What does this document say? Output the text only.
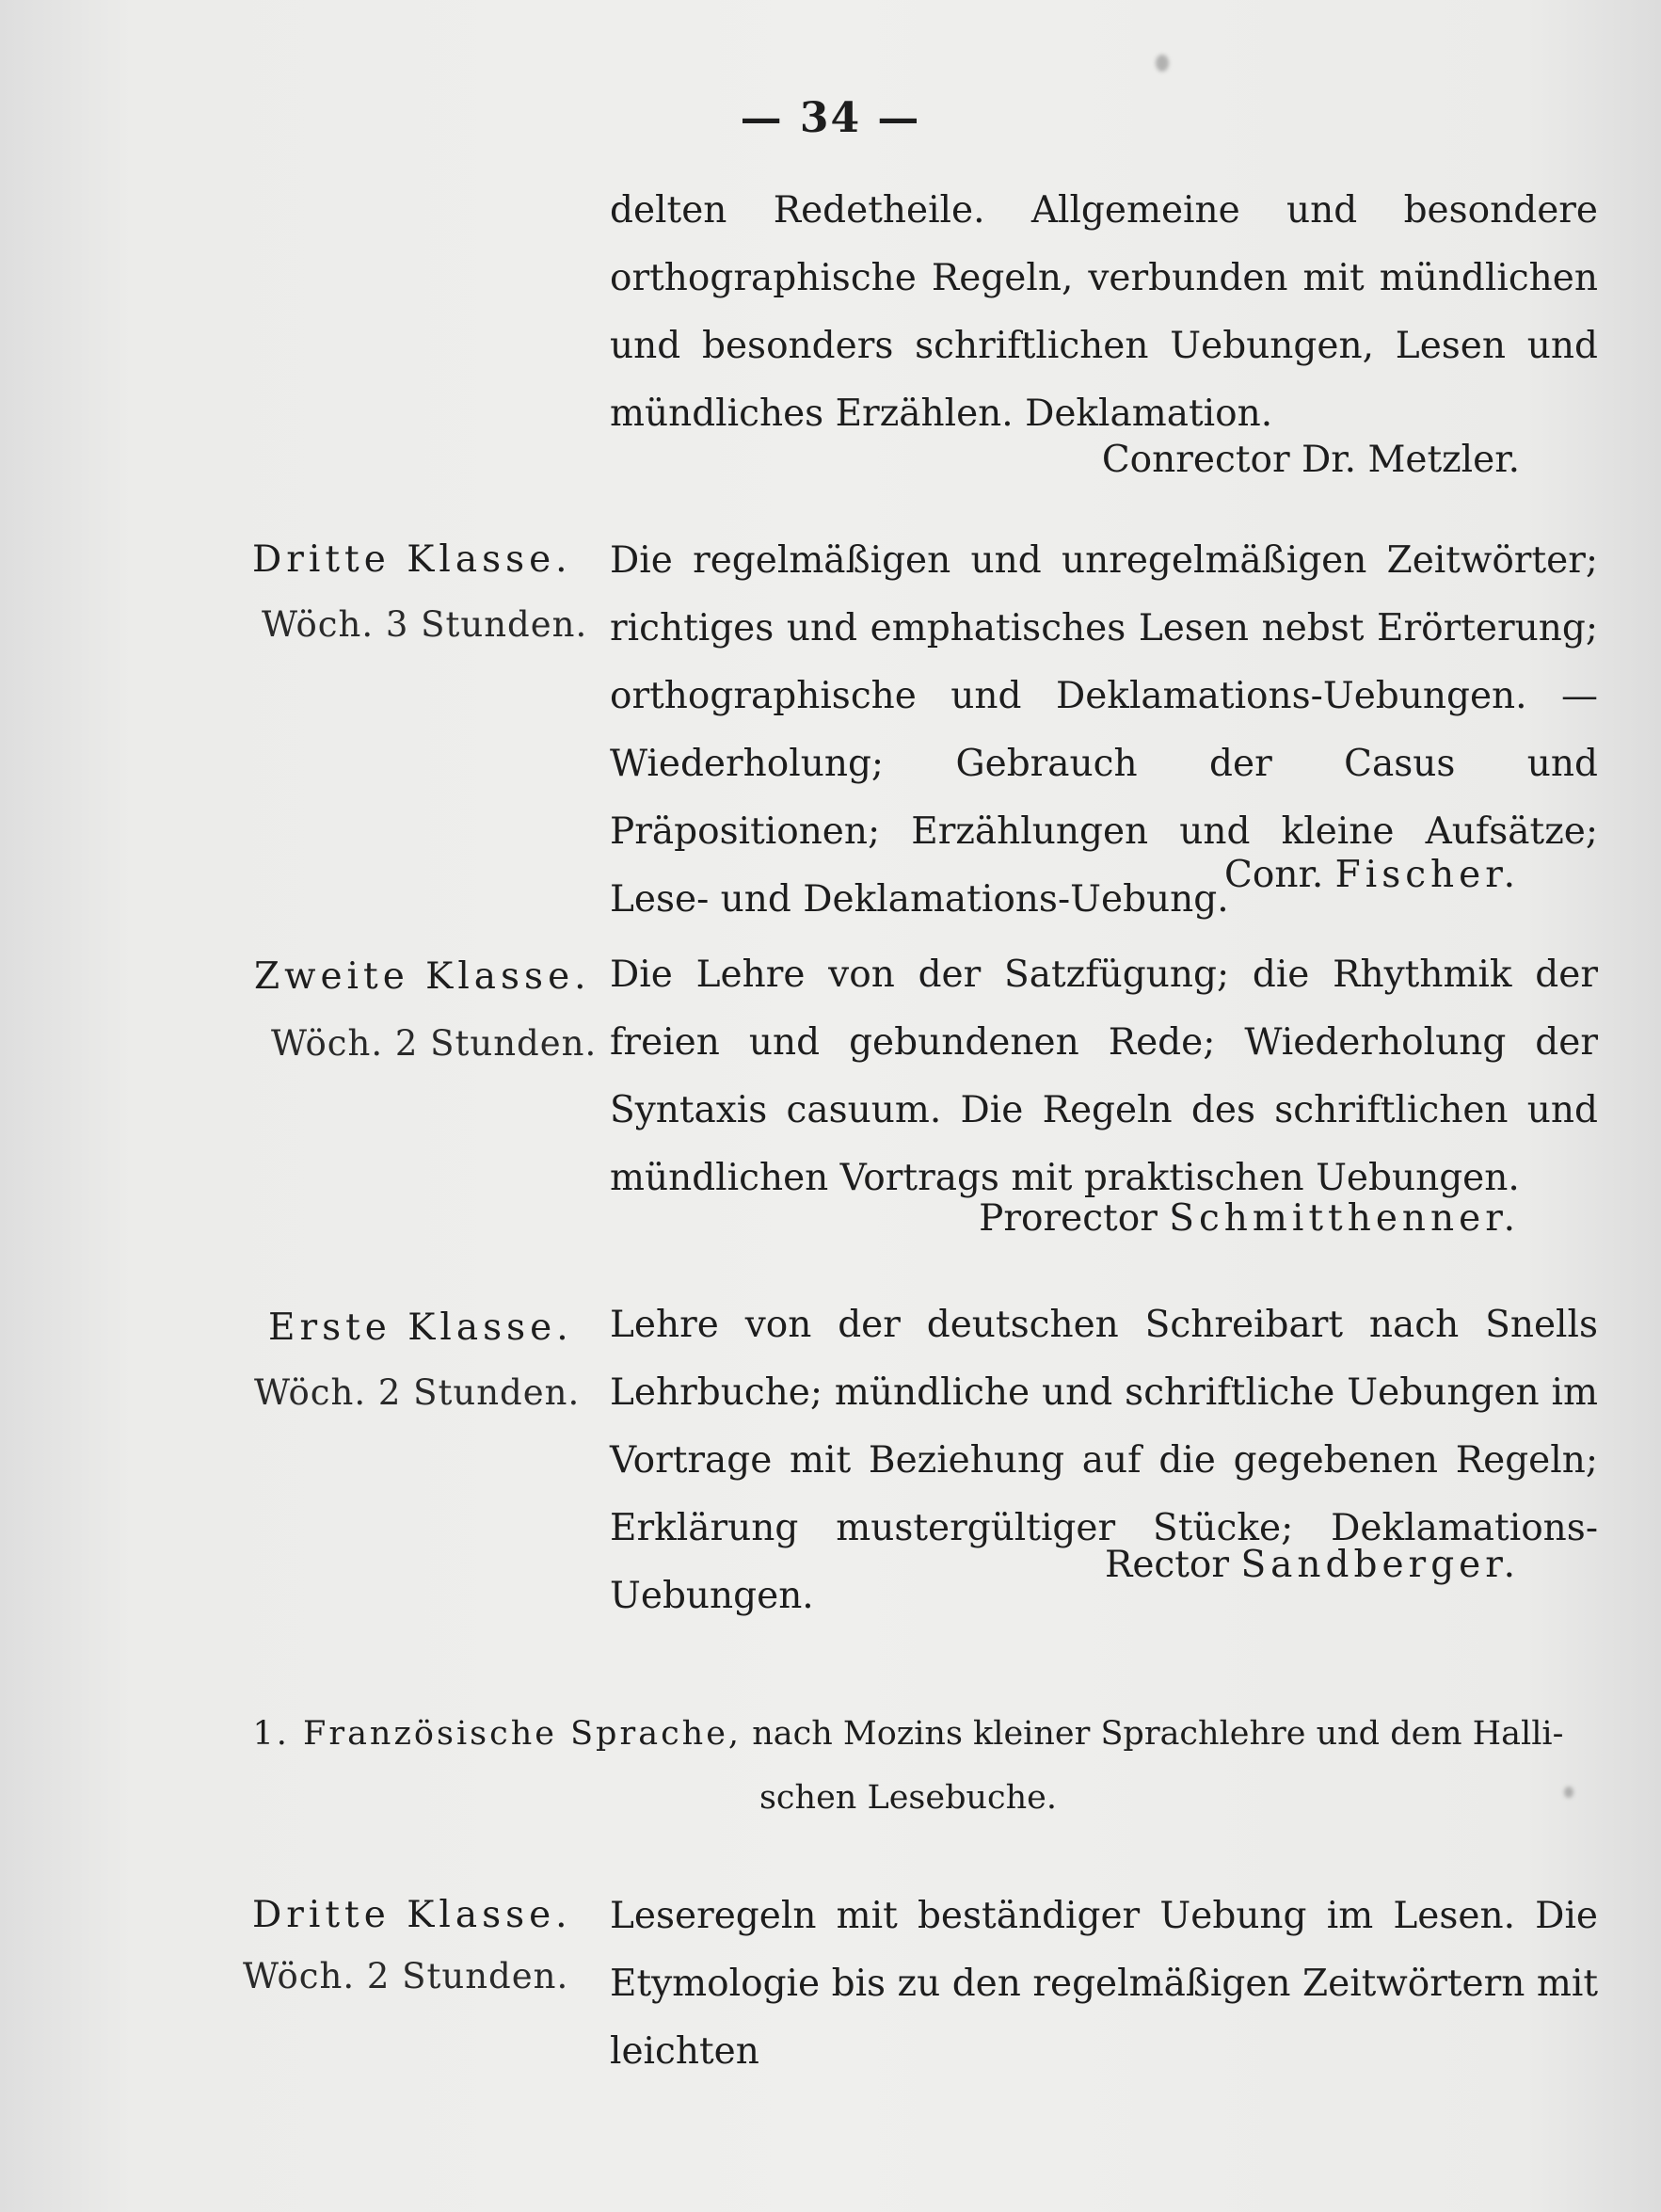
— 34 —
delten Redetheile. Allgemeine und besondere orthographische Regeln, verbunden mit mündlichen und besonders schriftlichen Uebungen, Lesen und mündliches Erzählen. Deklamation.
Conrector Dr. Metzler.
Dritte Klasse.
Wöch. 3 Stunden.
Die regelmäßigen und unregelmäßigen Zeitwörter; richtiges und emphatisches Lesen nebst Erörterung; orthographische und Deklamations-Uebungen. — Wiederholung; Gebrauch der Casus und Präpositionen; Erzählungen und kleine Aufsätze; Lese- und Deklamations-Uebung.
Conr. Fischer.
Zweite Klasse.
Wöch. 2 Stunden.
Die Lehre von der Satzfügung; die Rhythmik der freien und gebundenen Rede; Wiederholung der Syntaxis casuum. Die Regeln des schriftlichen und mündlichen Vortrags mit praktischen Uebungen.
Prorector Schmitthenner.
Erste Klasse.
Wöch. 2 Stunden.
Lehre von der deutschen Schreibart nach Snells Lehrbuche; mündliche und schriftliche Uebungen im Vortrage mit Beziehung auf die gegebenen Regeln; Erklärung mustergültiger Stücke; Deklamations-Uebungen.
Rector Sandberger.
1. Französische Sprache, nach Mozins kleiner Sprachlehre und dem Halli-
schen Lesebuche.
Dritte Klasse.
Wöch. 2 Stunden.
Leseregeln mit beständiger Uebung im Lesen. Die Etymologie bis zu den regelmäßigen Zeitwörtern mit leichten
